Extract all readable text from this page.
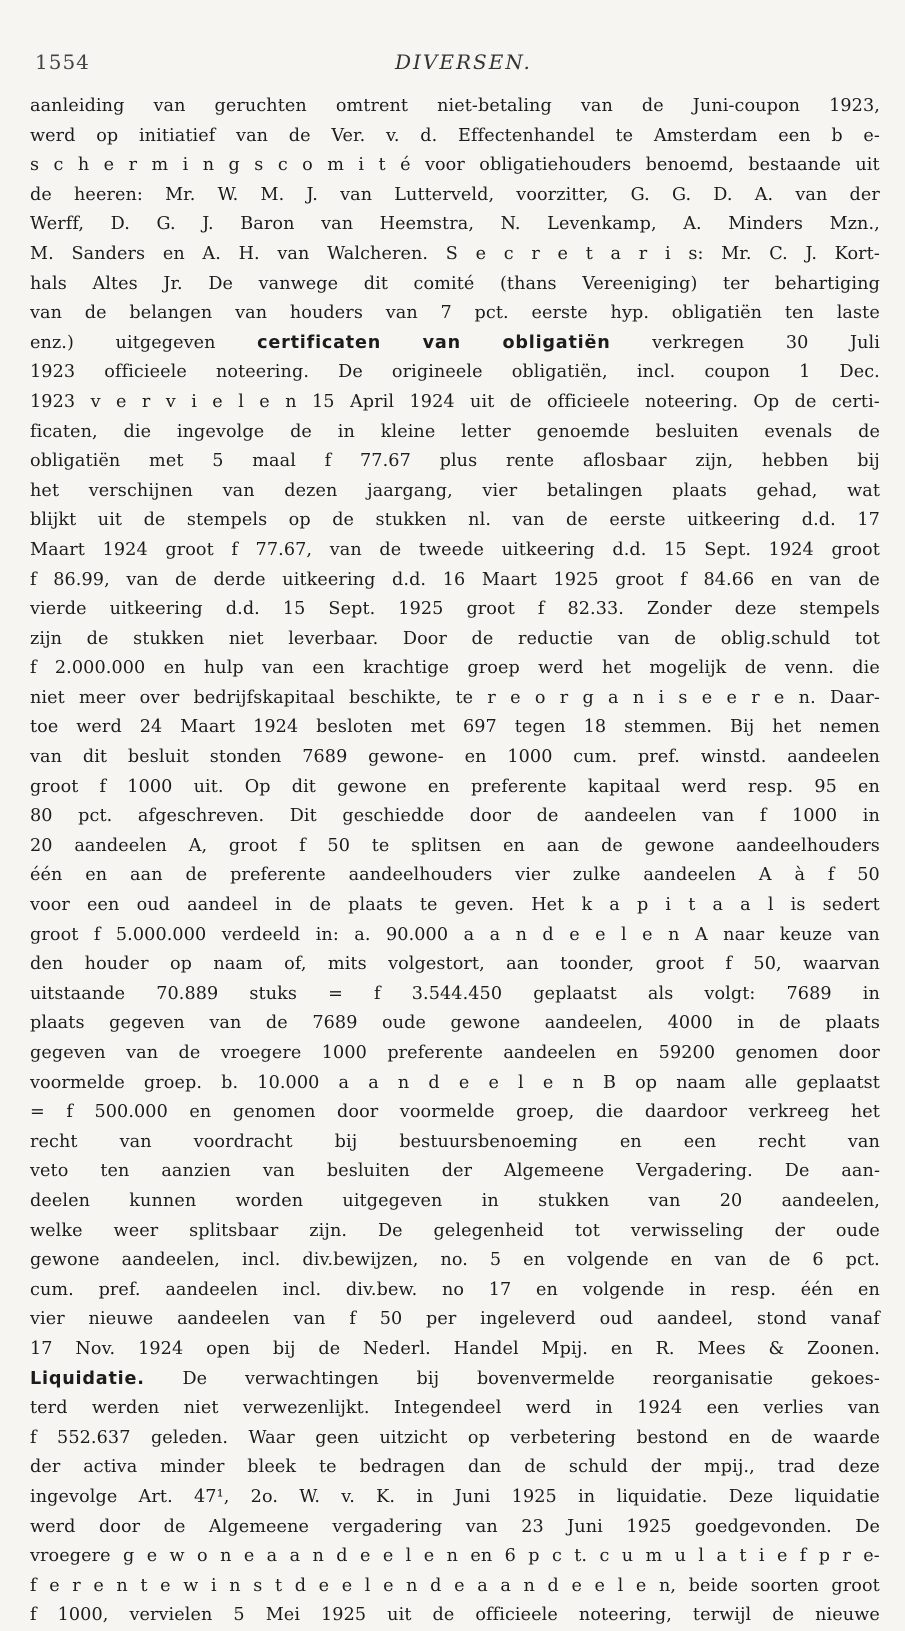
1554	DIVERSEN.
aanleiding van geruchten omtrent niet-betaling van de Juni-coupon 1923,
werd op initiatief van de Ver. v. d. Effectenhandel te Amsterdam een b e-
s c h e r m i n g s c o m i t é voor obligatiehouders benoemd, bestaande uit
de heeren: Mr. W. M. J. van Lutterveld, voorzitter, G. G. D. A. van der
Werff, D. G. J. Baron van Heemstra, N. Levenkamp, A. Minders Mzn.,
M. Sanders en A. H. van Walcheren. S e c r e t a r i s: Mr. C. J. Kort-
hals Altes Jr. De vanwege dit comité (thans Vereeniging) ter behartiging
van de belangen van houders van 7 pct. eerste hyp. obligatiën ten laste
enz.) uitgegeven certificaten van obligatiën verkregen 30 Juli
1923 officieele noteering. De origineele obligatiën, incl. coupon 1 Dec.
1923 v e r v i e l e n 15 April 1924 uit de officieele noteering. Op de certi-
ficaten, die ingevolge de in kleine letter genoemde besluiten evenals de
obligatiën met 5 maal f 77.67 plus rente aflosbaar zijn, hebben bij
het verschijnen van dezen jaargang, vier betalingen plaats gehad, wat
blijkt uit de stempels op de stukken nl. van de eerste uitkeering d.d. 17
Maart 1924 groot f 77.67, van de tweede uitkeering d.d. 15 Sept. 1924 groot
f 86.99, van de derde uitkeering d.d. 16 Maart 1925 groot f 84.66 en van de
vierde uitkeering d.d. 15 Sept. 1925 groot f 82.33. Zonder deze stempels
zijn de stukken niet leverbaar. Door de reductie van de oblig.schuld tot
f 2.000.000 en hulp van een krachtige groep werd het mogelijk de venn. die
niet meer over bedrijfskapitaal beschikte, te r e o r g a n i s e e r e n. Daar-
toe werd 24 Maart 1924 besloten met 697 tegen 18 stemmen. Bij het nemen
van dit besluit stonden 7689 gewone- en 1000 cum. pref. winstd. aandeelen
groot f 1000 uit. Op dit gewone en preferente kapitaal werd resp. 95 en
80 pct. afgeschreven. Dit geschiedde door de aandeelen van f 1000 in
20 aandeelen A, groot f 50 te splitsen en aan de gewone aandeelhouders
één en aan de preferente aandeelhouders vier zulke aandeelen A à f 50
voor een oud aandeel in de plaats te geven. Het k a p i t a a l is sedert
groot f 5.000.000 verdeeld in: a. 90.000 a a n d e e l e n A naar keuze van
den houder op naam of, mits volgestort, aan toonder, groot f 50, waarvan
uitstaande 70.889 stuks = f 3.544.450 geplaatst als volgt: 7689 in
plaats gegeven van de 7689 oude gewone aandeelen, 4000 in de plaats
gegeven van de vroegere 1000 preferente aandeelen en 59200 genomen door
voormelde groep. b. 10.000 a a n d e e l e n B op naam alle geplaatst
= f 500.000 en genomen door voormelde groep, die daardoor verkreeg het
recht van voordracht bij bestuursbenoeming en een recht van
veto ten aanzien van besluiten der Algemeene Vergadering. De aan-
deelen kunnen worden uitgegeven in stukken van 20 aandeelen,
welke weer splitsbaar zijn. De gelegenheid tot verwisseling der oude
gewone aandeelen, incl. div.bewijzen, no. 5 en volgende en van de 6 pct.
cum. pref. aandeelen incl. div.bew. no 17 en volgende in resp. één en
vier nieuwe aandeelen van f 50 per ingeleverd oud aandeel, stond vanaf
17 Nov. 1924 open bij de Nederl. Handel Mpij. en R. Mees & Zoonen.
Liquidatie. De verwachtingen bij bovenvermelde reorganisatie gekoes-
terd werden niet verwezenlijkt. Integendeel werd in 1924 een verlies van
f 552.637 geleden. Waar geen uitzicht op verbetering bestond en de waarde
der activa minder bleek te bedragen dan de schuld der mpij., trad deze
ingevolge Art. 47¹, 2o. W. v. K. in Juni 1925 in liquidatie. Deze liquidatie
werd door de Algemeene vergadering van 23 Juni 1925 goedgevonden. De
vroegere g e w o n e a a n d e e l e n en 6 p c t. c u m u l a t i e f p r e-
f e r e n t e w i n s t d e e l e n d e a a n d e e l e n, beide soorten groot
f 1000, vervielen 5 Mei 1925 uit de officieele noteering, terwijl de nieuwe
